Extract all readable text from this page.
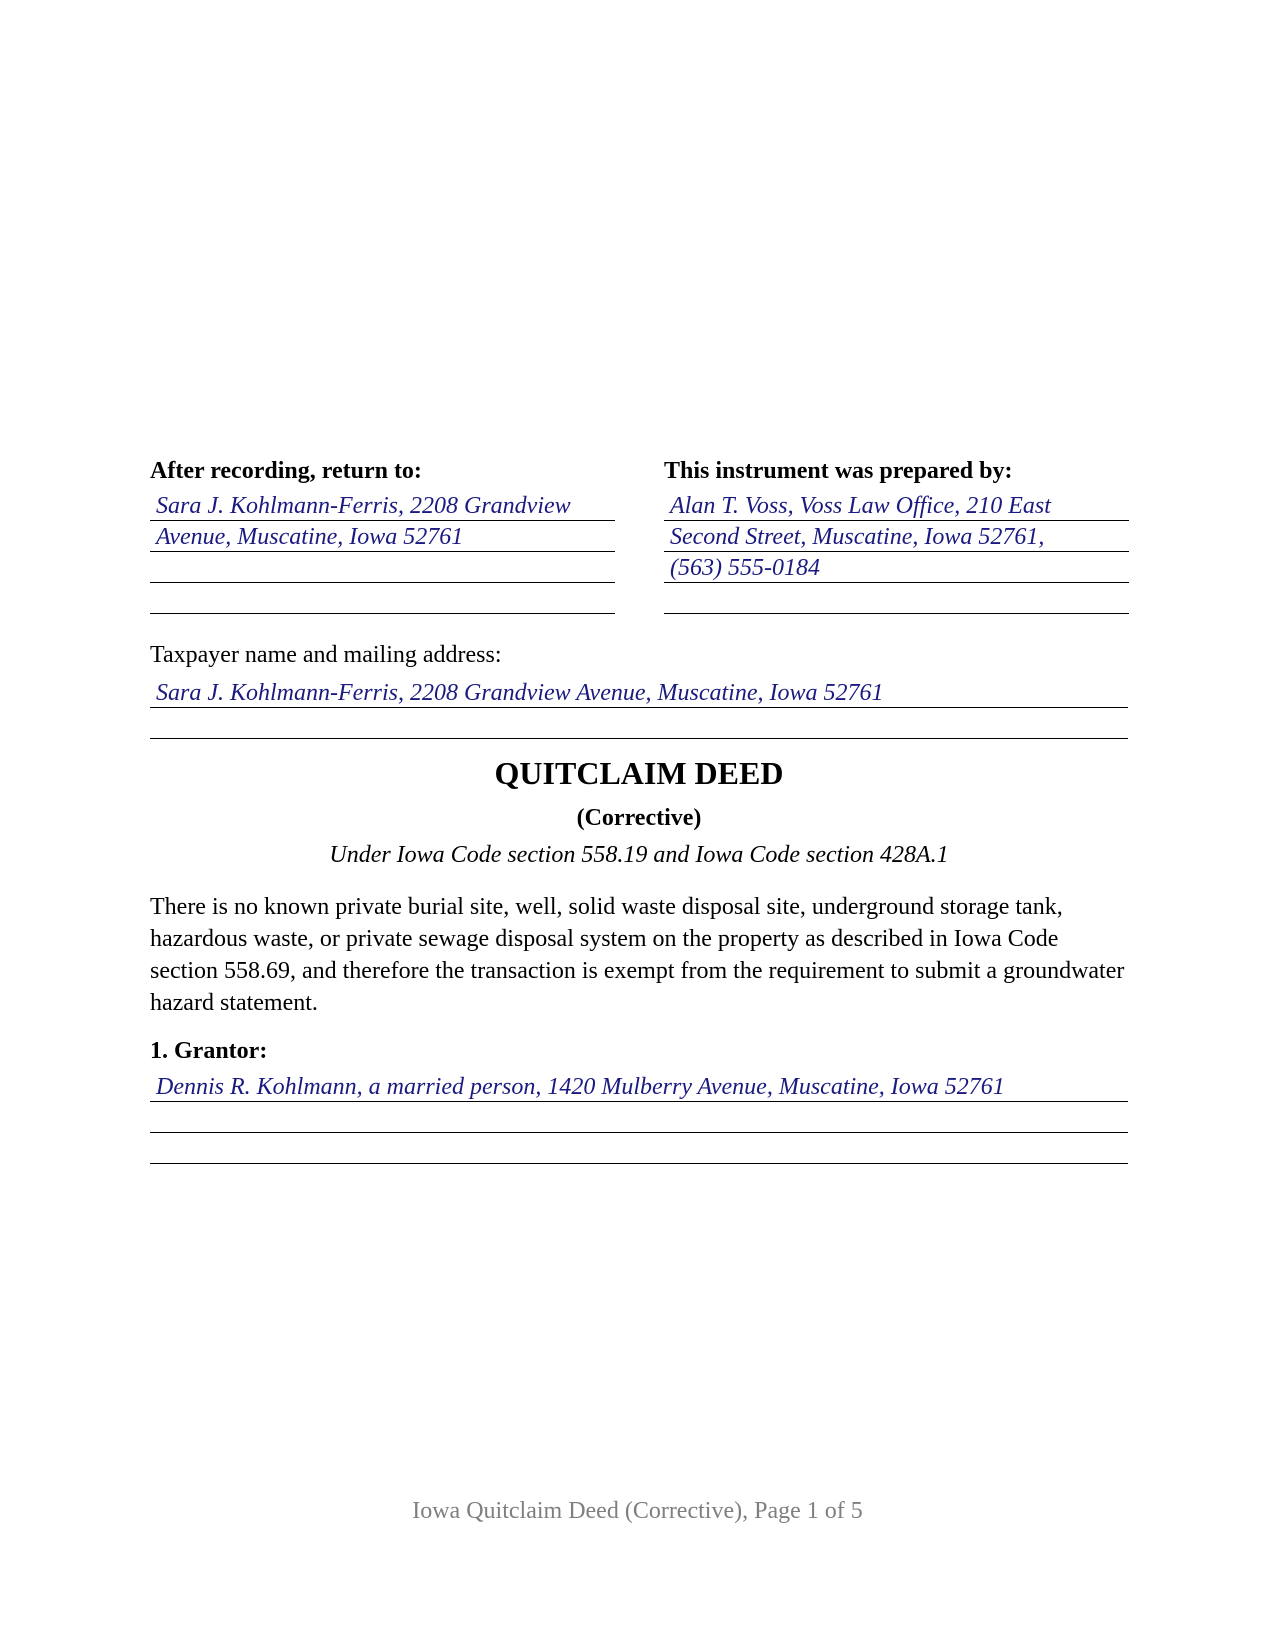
After recording, return to:
Sara J. Kohlmann-Ferris, 2208 Grandview
Avenue, Muscatine, Iowa 52761
This instrument was prepared by:
Alan T. Voss, Voss Law Office, 210 East
Second Street, Muscatine, Iowa 52761,
(563) 555-0184
Taxpayer name and mailing address:
Sara J. Kohlmann-Ferris, 2208 Grandview Avenue, Muscatine, Iowa 52761
QUITCLAIM DEED
(Corrective)
Under Iowa Code section 558.19 and Iowa Code section 428A.1
There is no known private burial site, well, solid waste disposal site, underground storage tank, hazardous waste, or private sewage disposal system on the property as described in Iowa Code section 558.69, and therefore the transaction is exempt from the requirement to submit a groundwater hazard statement.
1. Grantor:
Dennis R. Kohlmann, a married person, 1420 Mulberry Avenue, Muscatine, Iowa 52761
Iowa Quitclaim Deed (Corrective), Page 1 of 5
